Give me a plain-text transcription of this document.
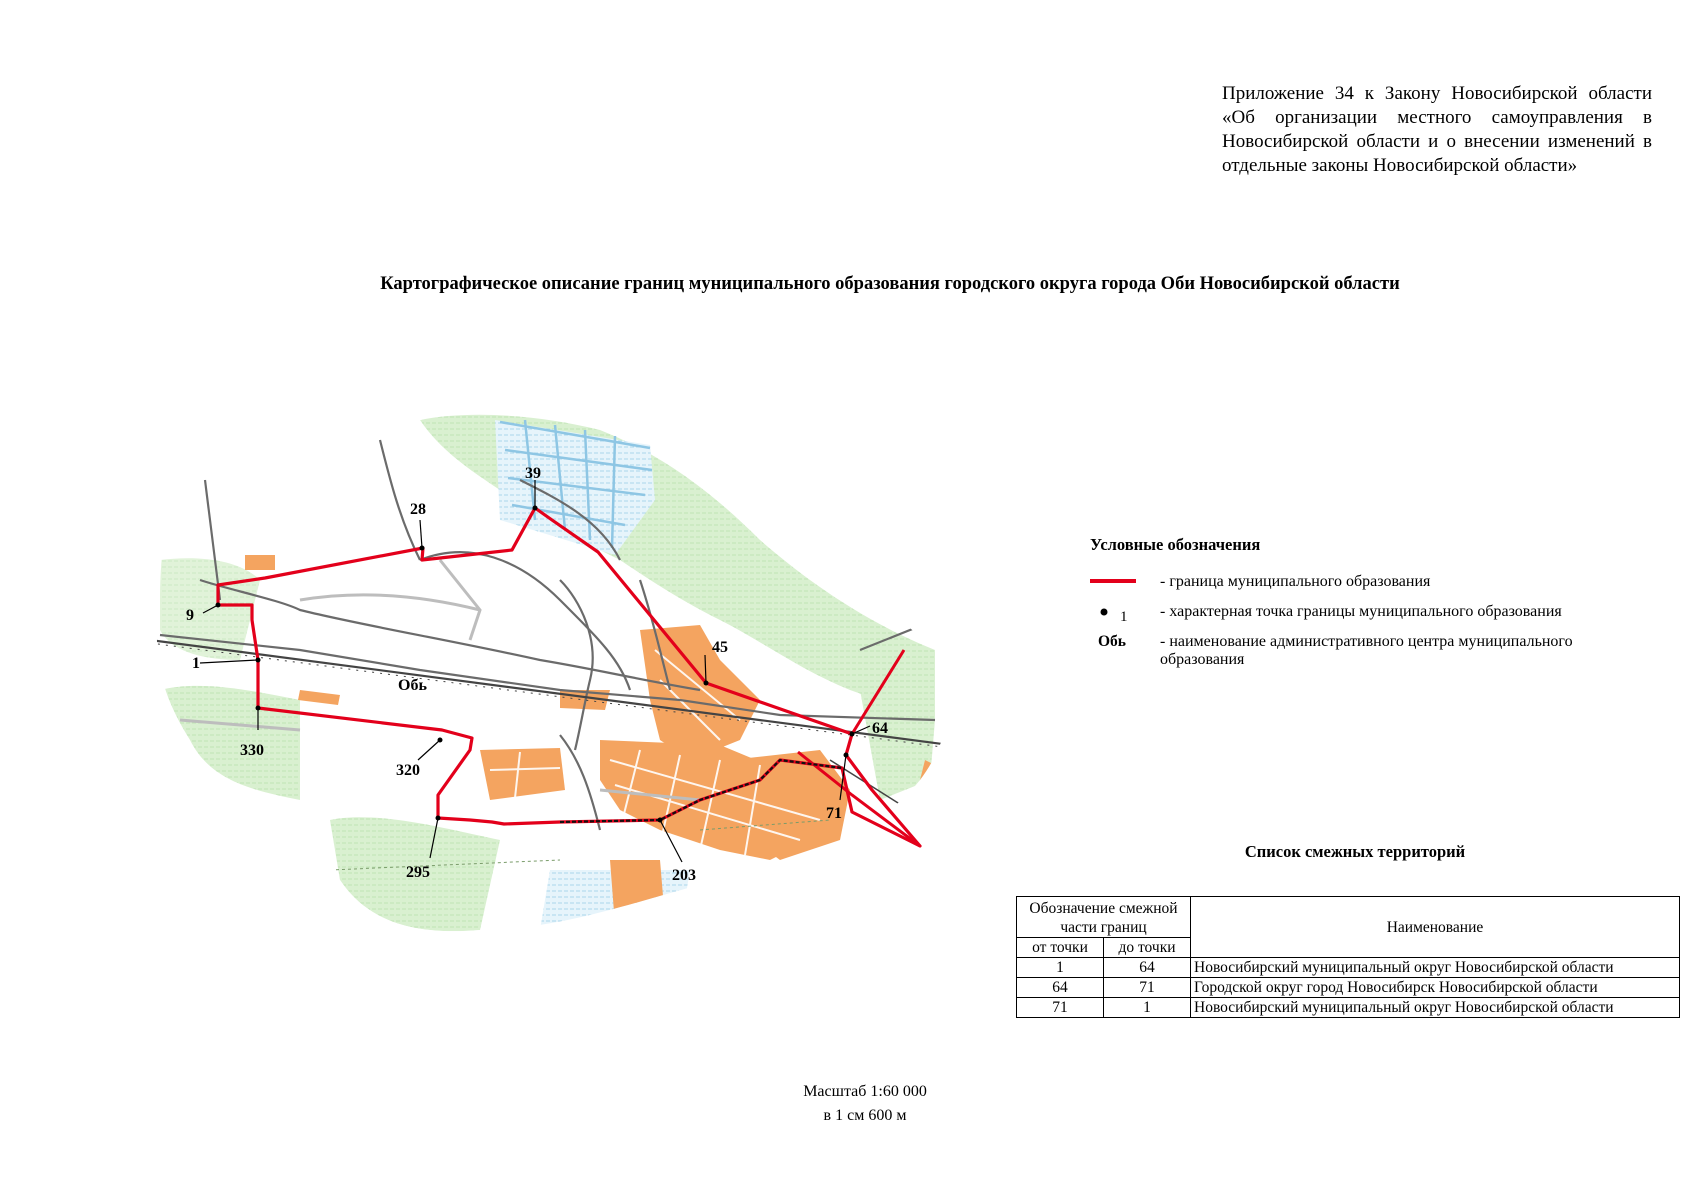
Приложение 34 к Закону Новосибирской области «Об организации местного самоуправления в Новосибирской области и о внесении изменений в отдельные законы Новосибирской области»
Картографическое описание границ муниципального образования городского округа города Оби Новосибирской области
28
39
9
1
45
64
330
320
71
295	203
Обь
Условные обозначения
- граница муниципального образования
1 - характерная точка границы муниципального образования
Обь - наименование административного центра муниципального образования
Список смежных территорий
Обозначение смежной части границ		Наименование
от точки	до точки	
1	64	Новосибирский муниципальный округ Новосибирской области
64	71	Городской округ город Новосибирск Новосибирской области
71	1	Новосибирский муниципальный округ Новосибирской области
Масштаб 1:60 000
в 1 см 600 м
